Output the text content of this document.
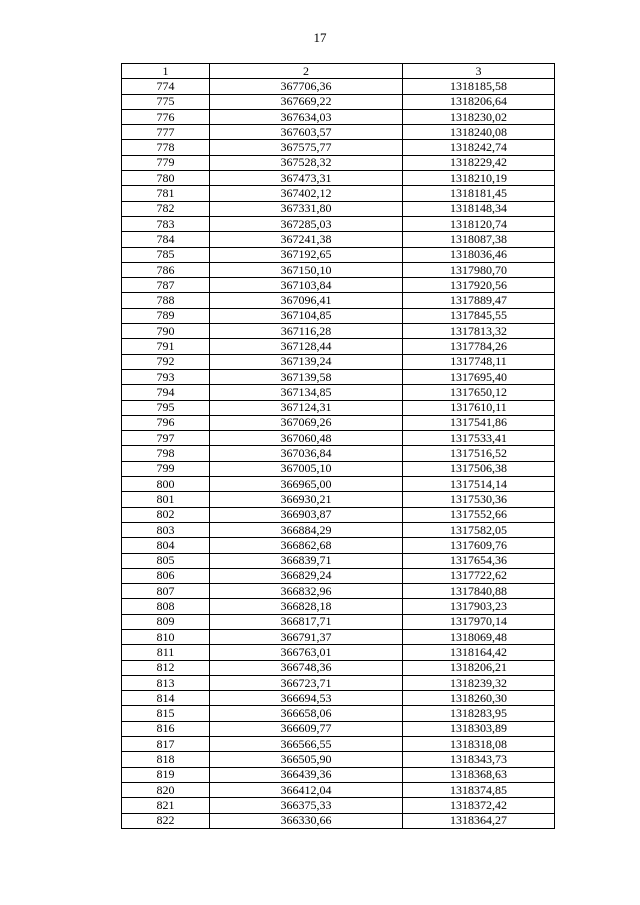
17
1	2	3
774	367706,36	1318185,58
775	367669,22	1318206,64
776	367634,03	1318230,02
777	367603,57	1318240,08
778	367575,77	1318242,74
779	367528,32	1318229,42
780	367473,31	1318210,19
781	367402,12	1318181,45
782	367331,80	1318148,34
783	367285,03	1318120,74
784	367241,38	1318087,38
785	367192,65	1318036,46
786	367150,10	1317980,70
787	367103,84	1317920,56
788	367096,41	1317889,47
789	367104,85	1317845,55
790	367116,28	1317813,32
791	367128,44	1317784,26
792	367139,24	1317748,11
793	367139,58	1317695,40
794	367134,85	1317650,12
795	367124,31	1317610,11
796	367069,26	1317541,86
797	367060,48	1317533,41
798	367036,84	1317516,52
799	367005,10	1317506,38
800	366965,00	1317514,14
801	366930,21	1317530,36
802	366903,87	1317552,66
803	366884,29	1317582,05
804	366862,68	1317609,76
805	366839,71	1317654,36
806	366829,24	1317722,62
807	366832,96	1317840,88
808	366828,18	1317903,23
809	366817,71	1317970,14
810	366791,37	1318069,48
811	366763,01	1318164,42
812	366748,36	1318206,21
813	366723,71	1318239,32
814	366694,53	1318260,30
815	366658,06	1318283,95
816	366609,77	1318303,89
817	366566,55	1318318,08
818	366505,90	1318343,73
819	366439,36	1318368,63
820	366412,04	1318374,85
821	366375,33	1318372,42
822	366330,66	1318364,27
